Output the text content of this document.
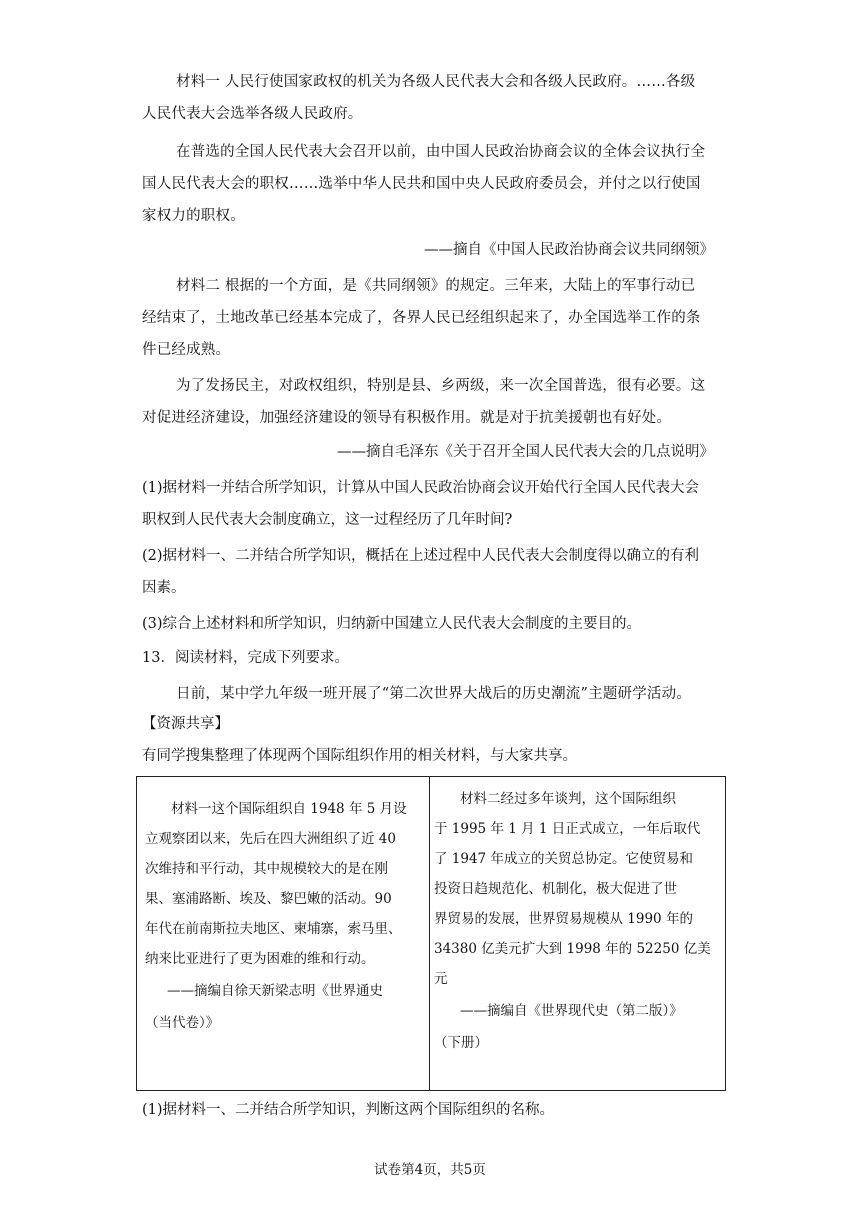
材料一 人民行使国家政权的机关为各级人民代表大会和各级人民政府。……各级
人民代表大会选举各级人民政府。
在普选的全国人民代表大会召开以前，由中国人民政治协商会议的全体会议执行全
国人民代表大会的职权……选举中华人民共和国中央人民政府委员会，并付之以行使国
家权力的职权。
——摘自《中国人民政治协商会议共同纲领》
材料二 根据的一个方面，是《共同纲领》的规定。三年来，大陆上的军事行动已
经结束了，土地改革已经基本完成了，各界人民已经组织起来了，办全国选举工作的条
件已经成熟。
为了发扬民主，对政权组织，特别是县、乡两级，来一次全国普选，很有必要。这
对促进经济建设，加强经济建设的领导有积极作用。就是对于抗美援朝也有好处。
——摘自毛泽东《关于召开全国人民代表大会的几点说明》
(1)据材料一并结合所学知识，计算从中国人民政治协商会议开始代行全国人民代表大会
职权到人民代表大会制度确立，这一过程经历了几年时间?
(2)据材料一、二并结合所学知识，概括在上述过程中人民代表大会制度得以确立的有利
因素。
(3)综合上述材料和所学知识，归纳新中国建立人民代表大会制度的主要目的。
13．阅读材料，完成下列要求。
日前，某中学九年级一班开展了“第二次世界大战后的历史潮流”主题研学活动。
【资源共享】
有同学搜集整理了体现两个国际组织作用的相关材料，与大家共享。
材料一这个国际组织自 1948 年 5 月设
立观察团以来，先后在四大洲组织了近 40
次维持和平行动，其中规模较大的是在刚
果、塞浦路断、埃及、黎巴嫩的活动。90
年代在前南斯拉夫地区、柬埔寨，索马里、
纳来比亚进行了更为困难的维和行动。
——摘编自徐天新梁志明《世界通史
（当代卷）》
材料二经过多年谈判，这个国际组织
于 1995 年 1 月 1 日正式成立，一年后取代
了 1947 年成立的关贸总协定。它使贸易和
投资日趋规范化、机制化，极大促进了世
界贸易的发展，世界贸易规模从 1990 年的
34380 亿美元扩大到 1998 年的 52250 亿美
元
——摘编自《世界现代史（第二版）》
（下册）
(1)据材料一、二并结合所学知识，判断这两个国际组织的名称。
试卷第4页，共5页
